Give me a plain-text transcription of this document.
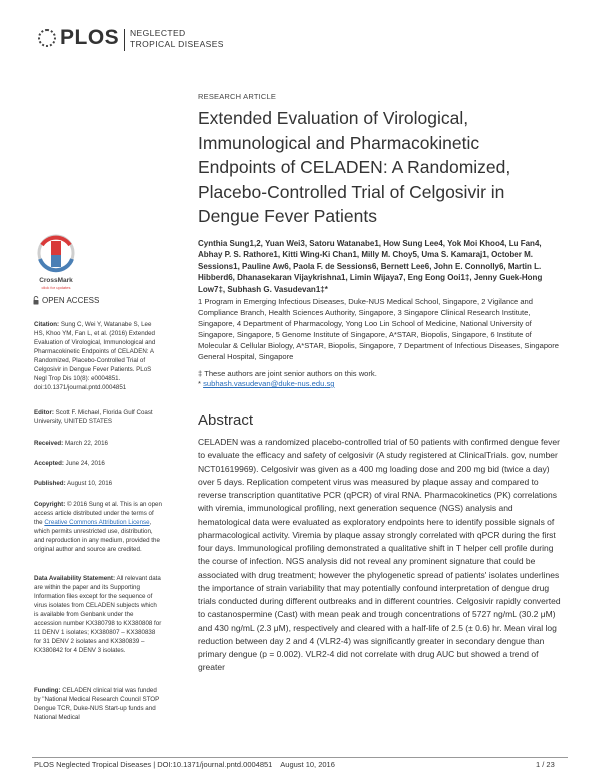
PLOS NEGLECTED
TROPICAL DISEASES
RESEARCH ARTICLE
Extended Evaluation of Virological, Immunological and Pharmacokinetic Endpoints of CELADEN: A Randomized, Placebo-Controlled Trial of Celgosivir in Dengue Fever Patients
Cynthia Sung1,2, Yuan Wei3, Satoru Watanabe1, How Sung Lee4, Yok Moi Khoo4, Lu Fan4, Abhay P. S. Rathore1, Kitti Wing-Ki Chan1, Milly M. Choy5, Uma S. Kamaraj1, October M. Sessions1, Pauline Aw6, Paola F. de Sessions6, Bernett Lee6, John E. Connolly6, Martin L. Hibberd6, Dhanasekaran Vijaykrishna1, Limin Wijaya7, Eng Eong Ooi1‡, Jenny Guek-Hong Low7‡, Subhash G. Vasudevan1‡*
1 Program in Emerging Infectious Diseases, Duke-NUS Medical School, Singapore, 2 Vigilance and Compliance Branch, Health Sciences Authority, Singapore, 3 Singapore Clinical Research Institute, Singapore, 4 Department of Pharmacology, Yong Loo Lin School of Medicine, National University of Singapore, Singapore, 5 Genome Institute of Singapore, A*STAR, Biopolis, Singapore, 6 Institute of Molecular & Cellular Biology, A*STAR, Biopolis, Singapore, 7 Department of Infectious Diseases, Singapore General Hospital, Singapore
‡ These authors are joint senior authors on this work.
* subhash.vasudevan@duke-nus.edu.sg
Abstract
CELADEN was a randomized placebo-controlled trial of 50 patients with confirmed dengue fever to evaluate the efficacy and safety of celgosivir (A study registered at ClinicalTrials. gov, number NCT01619969). Celgosivir was given as a 400 mg loading dose and 200 mg bid (twice a day) over 5 days. Replication competent virus was measured by plaque assay and compared to reverse transcription quantitative PCR (qPCR) of viral RNA. Pharmacokinetics (PK) correlations with viremia, immunological profiling, next generation sequence (NGS) analysis and hematological data were evaluated as exploratory endpoints here to identify possible signals of pharmacological activity. Viremia by plaque assay strongly correlated with qPCR during the first four days. Immunological profiling demonstrated a qualitative shift in T helper cell profile during the course of infection. NGS analysis did not reveal any prominent signature that could be associated with drug treatment; however the phylogenetic spread of patients' isolates underlines the importance of strain variability that may potentially confound interpretation of dengue drug trials conducted during different outbreaks and in different countries. Celgosivir rapidly converted to castanospermine (Cast) with mean peak and trough concentrations of 5727 ng/mL (30.2 μM) and 430 ng/mL (2.3 μM), respectively and cleared with a half-life of 2.5 (± 0.6) hr. Mean viral log reduction between day 2 and 4 (VLR2-4) was significantly greater in secondary dengue than primary dengue (p = 0.002). VLR2-4 did not correlate with drug AUC but showed a trend of greater
CrossMark
click for updates
OPEN ACCESS
Citation: Sung C, Wei Y, Watanabe S, Lee HS, Khoo YM, Fan L, et al. (2016) Extended Evaluation of Virological, Immunological and Pharmacokinetic Endpoints of CELADEN: A Randomized, Placebo-Controlled Trial of Celgosivir in Dengue Fever Patients. PLoS Negl Trop Dis 10(8): e0004851. doi:10.1371/journal.pntd.0004851
Editor: Scott F. Michael, Florida Gulf Coast University, UNITED STATES
Received: March 22, 2016
Accepted: June 24, 2016
Published: August 10, 2016
Copyright: © 2016 Sung et al. This is an open access article distributed under the terms of the Creative Commons Attribution License, which permits unrestricted use, distribution, and reproduction in any medium, provided the original author and source are credited.
Data Availability Statement: All relevant data are within the paper and its Supporting Information files except for the sequence of virus isolates from CELADEN subjects which is available from Genbank under the accession number KX380798 to KX380808 for 11 DENV 1 isolates; KX380807 – KX380838 for 31 DENV 2 isolates and KX380839 – KX380842 for 4 DENV 3 isolates.
Funding: CELADEN clinical trial was funded by "National Medical Research Council STOP Dengue TCR, Duke-NUS Start-up funds and National Medical
PLOS Neglected Tropical Diseases | DOI:10.1371/journal.pntd.0004851    August 10, 2016	1 / 23
